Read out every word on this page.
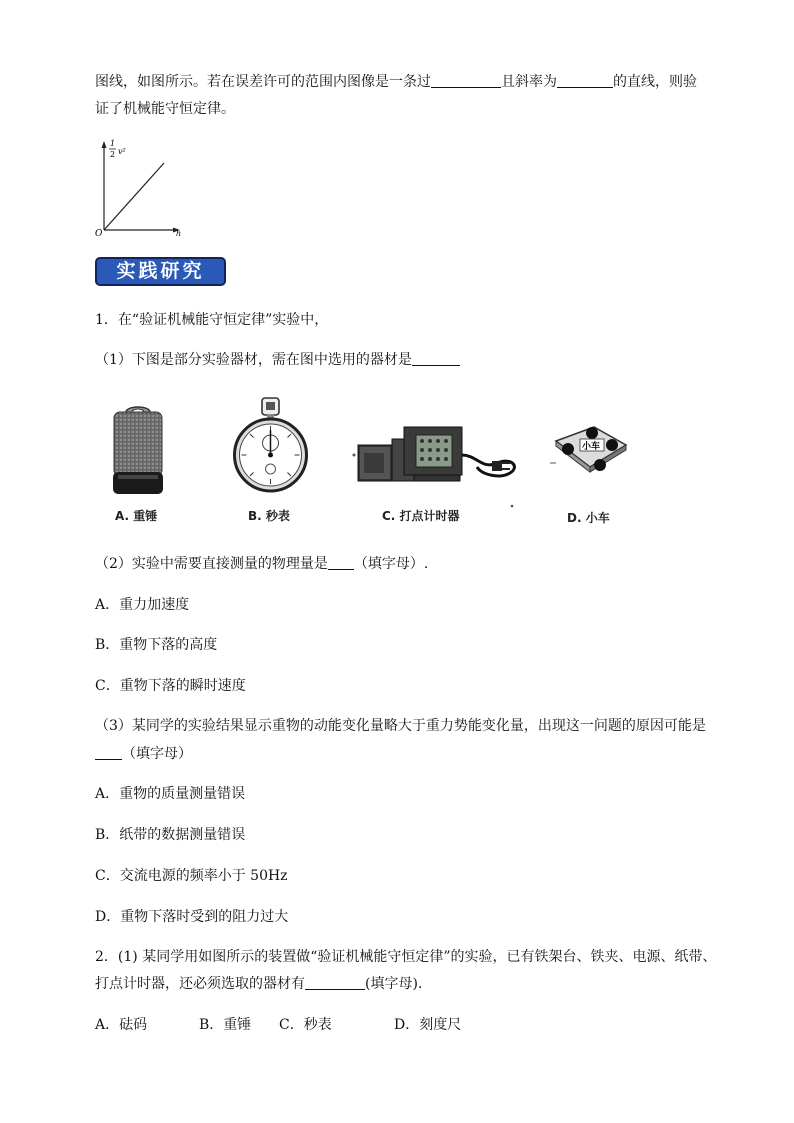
图线，如图所示。若在误差许可的范围内图像是一条过	且斜率为	的直线，则验
证了机械能守恒定律。
1
2 v²
O	h
实践研究
1．在“验证机械能守恒定律”实验中，
（1）下图是部分实验器材，需在图中选用的器材是
A. 重锤	B. 秒表	C. 打点计时器
小车
D. 小车
（2）实验中需要直接测量的物理量是 （填字母）.
A．重力加速度
B．重物下落的高度
C．重物下落的瞬时速度
（3）某同学的实验结果显示重物的动能变化量略大于重力势能变化量，出现这一问题的原因可能是
（填字母）
A．重物的质量测量错误
B．纸带的数据测量错误
C．交流电源的频率小于 50Hz
D．重物下落时受到的阻力过大
2．(1) 某同学用如图所示的装置做“验证机械能守恒定律”的实验，已有铁架台、铁夹、电源、纸带、
打点计时器，还必须选取的器材有	(填字母).
A．砝码	B．重锤 C．秒表	D．刻度尺
